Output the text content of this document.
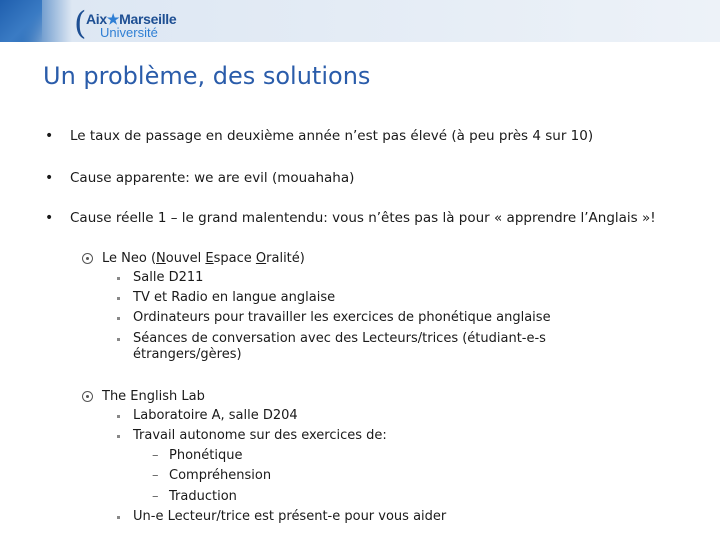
( Aix★Marseille
Université
Un problème, des solutions
• Le taux de passage en deuxième année n’est pas élevé (à peu près 4 sur 10)
• Cause apparente: we are evil (mouahaha)
• Cause réelle 1 – le grand malentendu: vous n’êtes pas là pour « apprendre l’Anglais »!
Le Neo (Nouvel Espace Oralité)
Salle D211
TV et Radio en langue anglaise
Ordinateurs pour travailler les exercices de phonétique anglaise
Séances de conversation avec des Lecteurs/trices (étudiant-e-s
étrangers/gères)
The English Lab
Laboratoire A, salle D204
Travail autonome sur des exercices de:
– Phonétique
– Compréhension
– Traduction
Un-e Lecteur/trice est présent-e pour vous aider
